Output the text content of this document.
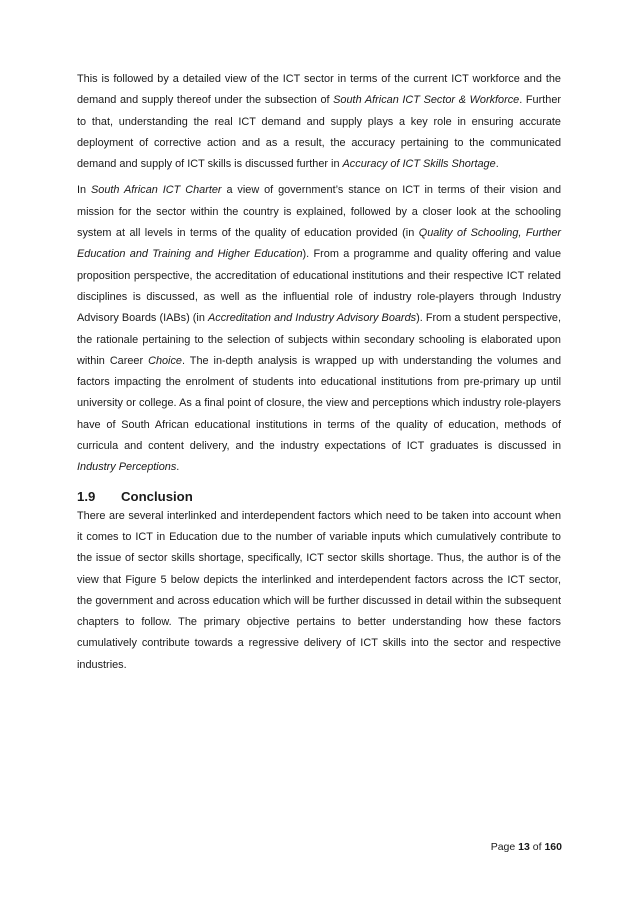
This is followed by a detailed view of the ICT sector in terms of the current ICT workforce and the demand and supply thereof under the subsection of South African ICT Sector & Workforce. Further to that, understanding the real ICT demand and supply plays a key role in ensuring accurate deployment of corrective action and as a result, the accuracy pertaining to the communicated demand and supply of ICT skills is discussed further in Accuracy of ICT Skills Shortage.

In South African ICT Charter a view of government’s stance on ICT in terms of their vision and mission for the sector within the country is explained, followed by a closer look at the schooling system at all levels in terms of the quality of education provided (in Quality of Schooling, Further Education and Training and Higher Education). From a programme and quality offering and value proposition perspective, the accreditation of educational institutions and their respective ICT related disciplines is discussed, as well as the influential role of industry role-players through Industry Advisory Boards (IABs) (in Accreditation and Industry Advisory Boards). From a student perspective, the rationale pertaining to the selection of subjects within secondary schooling is elaborated upon within Career Choice. The in-depth analysis is wrapped up with understanding the volumes and factors impacting the enrolment of students into educational institutions from pre-primary up until university or college. As a final point of closure, the view and perceptions which industry role-players have of South African educational institutions in terms of the quality of education, methods of curricula and content delivery, and the industry expectations of ICT graduates is discussed in Industry Perceptions.

1.9	Conclusion

There are several interlinked and interdependent factors which need to be taken into account when it comes to ICT in Education due to the number of variable inputs which cumulatively contribute to the issue of sector skills shortage, specifically, ICT sector skills shortage. Thus, the author is of the view that Figure 5 below depicts the interlinked and interdependent factors across the ICT sector, the government and across education which will be further discussed in detail within the subsequent chapters to follow. The primary objective pertains to better understanding how these factors cumulatively contribute towards a regressive delivery of ICT skills into the sector and respective industries.

Page 13 of 160
